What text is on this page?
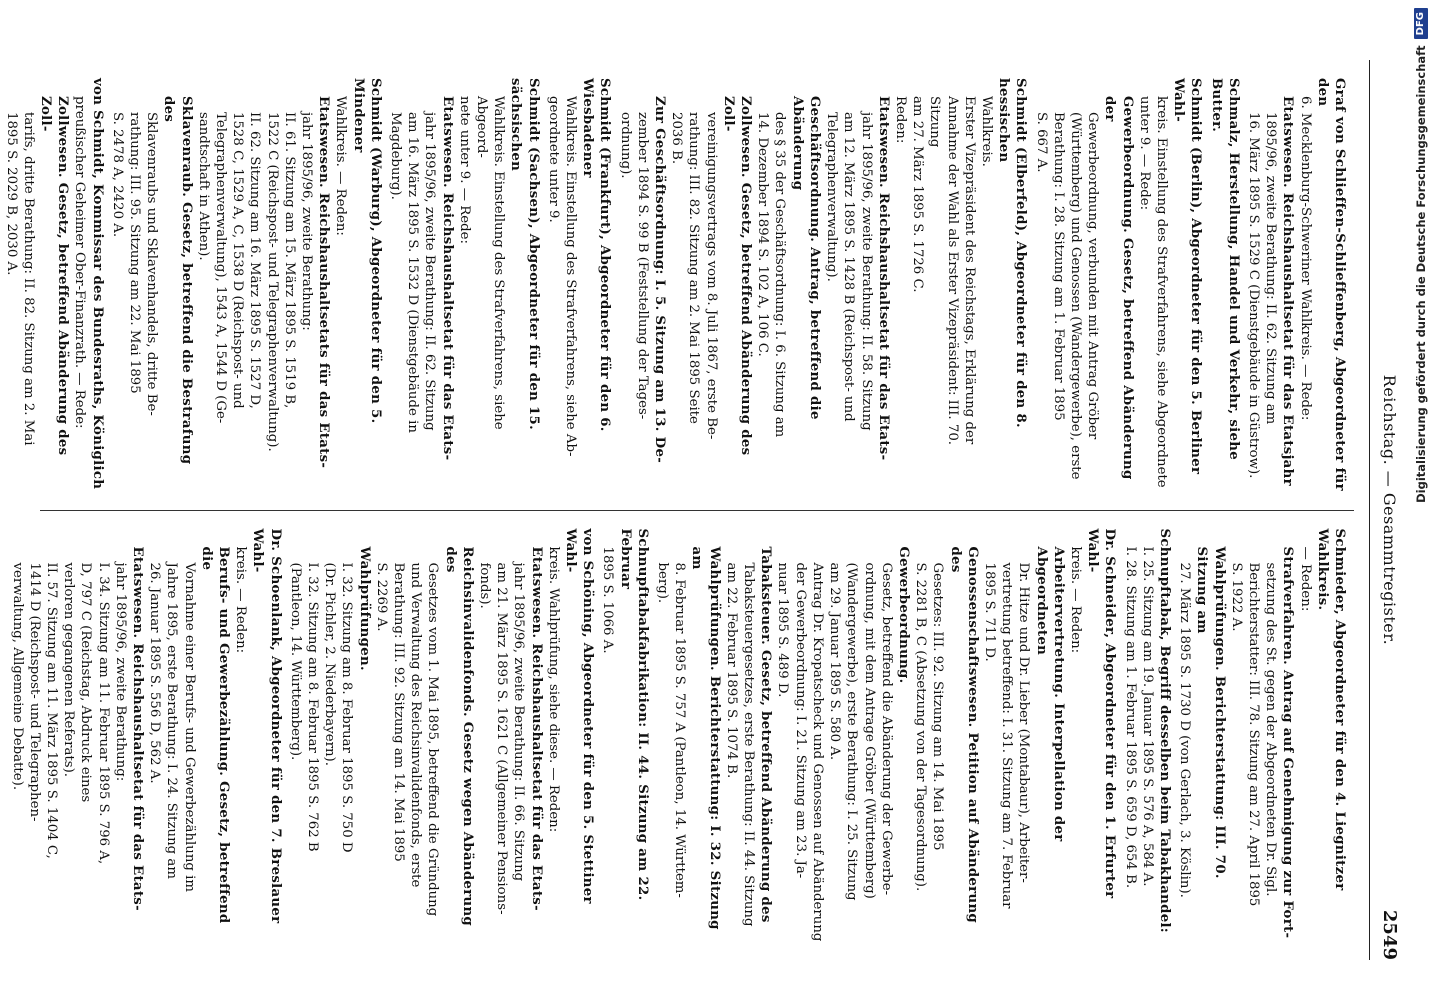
Reichstag. — Gesammtregister.
2549
Graf von Schlieffen-Schlieffenberg, Abgeordneter für den
6. Mecklenburg-Schweriner Wahlkreis. — Rede:
Etatswesen. Reichshaushaltsetat für das Etatsjahr
1895/96, zweite Berathung: II. 62. Sitzung am
16. März 1895 S. 1529 C (Dienstgebäude in Güstrow).
Schmalz, Herstellung, Handel und Verkehr, siehe Butter.
Schmidt (Berlin), Abgeordneter für den 5. Berliner Wahl-
kreis. Einstellung des Strafverfahrens, siehe Abgeordnete
unter 9. — Rede:
Gewerbeordnung. Gesetz, betreffend Abänderung der
Gewerbeordnung, verbunden mit Antrag Gröber
(Württemberg) und Genossen (Wandergewerbe), erste
Berathung: I. 28. Sitzung am 1. Februar 1895
S. 667 A.
Schmidt (Elberfeld), Abgeordneter für den 8. hessischen
Wahlkreis.
Erster Vizepräsident des Reichstags, Erklärung der
Annahme der Wahl als Erster Vizepräsident: III. 70. Sitzung
am 27. März 1895 S. 1726 C.
Reden:
Etatswesen. Reichshaushaltsetat für das Etats-
jahr 1895/96, zweite Berathung: II. 58. Sitzung
am 12. März 1895 S. 1428 B (Reichspost- und
Telegraphenverwaltung).
Geschäftsordnung. Antrag, betreffend die Abänderung
des § 35 der Geschäftsordnung: I. 6. Sitzung am
14. Dezember 1894 S. 102 A, 106 C.
Zollwesen. Gesetz, betreffend Abänderung des Zoll-
vereinigungsvertrags vom 8. Juli 1867, erste Be-
rathung: III. 82. Sitzung am 2. Mai 1895 Seite
2036 B.
Zur Geschäftsordnung: I. 5. Sitzung am 13. De-
zember 1894 S. 99 B (Feststellung der Tages-
ordnung).
Schmidt (Frankfurt), Abgeordneter für den 6. Wiesbadener
Wahlkreis. Einstellung des Strafverfahrens, siehe Ab-
geordnete unter 9.
Schmidt (Sachsen), Abgeordneter für den 15. sächsischen
Wahlkreis. Einstellung des Strafverfahrens, siehe Abgeord-
nete unter 9. — Rede:
Etatswesen. Reichshaushaltsetat für das Etats-
jahr 1895/96, zweite Berathung: II. 62. Sitzung
am 16. März 1895 S. 1532 D (Dienstgebäude in
Magdeburg).
Schmidt (Warburg), Abgeordneter für den 5. Mindener
Wahlkreis. — Reden:
Etatswesen. Reichshaushaltsetats für das Etats-
jahr 1895/96, zweite Berathung:
II. 61. Sitzung am 15. März 1895 S. 1519 B,
1522 C (Reichspost- und Telegraphenverwaltung).
II. 62. Sitzung am 16. März 1895 S. 1527 D,
1528 C, 1529 A, C, 1538 D (Reichspost- und
Telegraphenverwaltung), 1543 A, 1544 D (Ge-
sandtschaft in Athen).
Sklavenraub. Gesetz, betreffend die Bestrafung des
Sklavenraubs und Sklavenhandels, dritte Be-
rathung: III. 95. Sitzung am 22. Mai 1895
S. 2478 A, 2420 A.
von Schmidt, Kommissar des Bundesraths, Königlich
preußischer Geheimer Ober-Finanzrath. — Rede:
Zollwesen. Gesetz, betreffend Abänderung des Zoll-
tarifs, dritte Berathung: II. 82. Sitzung am 2. Mai
1895 S. 2029 B, 2030 A.
Schmieder, Abgeordneter für den 4. Liegnitzer Wahlkreis.
— Reden:
Strafverfahren. Antrag auf Genehmigung zur Fort-
setzung des St. gegen der Abgeordneten Dr. Sigl.
Berichterstatter: III. 78. Sitzung am 27. April 1895
S. 1922 A.
Wahlprüfungen. Berichterstattung: III. 70. Sitzung am
27. März 1895 S. 1730 D (von Gerlach, 3. Köslin).
Schnupftabak, Begriff desselben beim Tabakhandel:
I. 25. Sitzung am 19. Januar 1895 S. 576 A, 584 A.
I. 28. Sitzung am 1. Februar 1895 S. 659 D, 654 B.
Dr. Schneider, Abgeordneter für den 1. Erfurter Wahl-
kreis. — Reden:
Arbeitervertretung. Interpellation der Abgeordneten
Dr. Hitze und Dr. Lieber (Montabaur), Arbeiter-
vertretung betreffend: I. 31. Sitzung am 7. Februar
1895 S. 711 D.
Genossenschaftswesen. Petition auf Abänderung des
Gesetzes: III. 92. Sitzung am 14. Mai 1895
S. 2281 B, C (Absetzung von der Tagesordnung).
Gewerbeordnung.
Gesetz, betreffend die Abänderung der Gewerbe-
ordnung, mit dem Antrage Gröber (Württemberg)
(Wandergewerbe), erste Berathung: I. 25. Sitzung
am 29. Januar 1895 S. 580 A.
Antrag Dr. Kropatscheck und Genossen auf Abänderung
der Gewerbeordnung: I. 21. Sitzung am 23. Ja-
nuar 1895 S. 489 D.
Tabaksteuer. Gesetz, betreffend Abänderung des
Tabaksteuergesetzes, erste Berathung: II. 44. Sitzung
am 22. Februar 1895 S. 1074 B.
Wahlprüfungen. Berichterstattung: I. 32. Sitzung am
8. Februar 1895 S. 757 A (Pantleon, 14. Württem-
berg).
Schnupftabakfabrikation: II. 44. Sitzung am 22. Februar
1895 S. 1066 A.
von Schöning, Abgeordneter für den 5. Stettiner Wahl-
kreis. Wahlprüfung, siehe diese. — Reden:
Etatswesen. Reichshaushaltsetat für das Etats-
jahr 1895/96, zweite Berathung: II. 66. Sitzung
am 21. März 1895 S. 1621 C (Allgemeiner Pensions-
fonds).
Reichsinvalidenfonds. Gesetz wegen Abänderung des
Gesetzes vom 1. Mai 1895, betreffend die Gründung
und Verwaltung des Reichsinvalidenfonds, erste
Berathung: III. 92. Sitzung am 14. Mai 1895
S. 2269 A.
Wahlprüfungen.
I. 32. Sitzung am 8. Februar 1895 S. 750 D
(Dr. Pichler, 2. Niederbayern).
I. 32. Sitzung am 8. Februar 1895 S. 762 B
(Pantleon, 14. Württemberg).
Dr. Schoenlank, Abgeordneter für den 7. Breslauer Wahl-
kreis. — Reden:
Berufs- und Gewerbezählung. Gesetz, betreffend die
Vornahme einer Berufs- und Gewerbezählung im
Jahre 1895, erste Berathung: I. 24. Sitzung am
26. Januar 1895 S. 556 D, 562 A.
Etatswesen. Reichshaushaltsetat für das Etats-
jahr 1895/96, zweite Berathung:
I. 34. Sitzung am 11. Februar 1895 S. 796 A,
D, 797 C (Reichstag, Abdruck eines
verloren gegangenen Referats).
II. 57. Sitzung am 11. März 1895 S. 1404 C,
1414 D (Reichspost- und Telegraphen-
verwaltung, Allgemeine Debatte).
Digitalisierung gefördert durch die Deutsche Forschungsgemeinschaft
DFG
